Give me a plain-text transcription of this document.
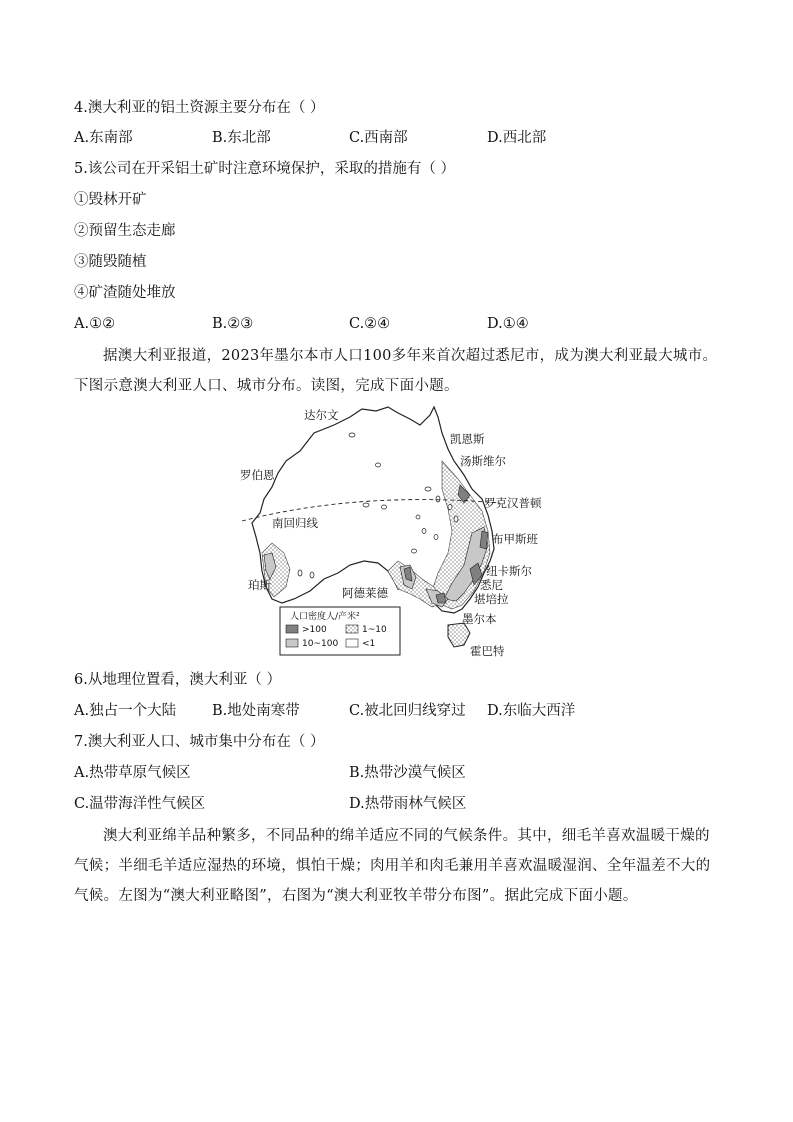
4.澳大利亚的铝土资源主要分布在（ ）
A.东南部	B.东北部	C.西南部	D.西北部
5.该公司在开采铝土矿时注意环境保护，采取的措施有（ ）
①毁林开矿
②预留生态走廊
③随毁随植
④矿渣随处堆放
A.①②	B.②③	C.②④	D.①④
据澳大利亚报道，2023年墨尔本市人口100多年来首次超过悉尼市，成为澳大利亚最大城市。下图示意澳大利亚人口、城市分布。读图，完成下面小题。
达尔文
凯恩斯
汤斯维尔
罗伯恩
罗克汉普顿
南回归线
布甲斯班
纽卡斯尔
悉尼
堪培拉
墨尔本
霍巴特
珀斯
阿德莱德
人口密度人/产米²
>100	1~10
10~100	<1
6.从地理位置看，澳大利亚（ ）
A.独占一个大陆 B.地处南寒带	C.被北回归线穿过 D.东临大西洋
7.澳大利亚人口、城市集中分布在（ ）
A.热带草原气候区	B.热带沙漠气候区
C.温带海洋性气候区	D.热带雨林气候区
澳大利亚绵羊品种繁多，不同品种的绵羊适应不同的气候条件。其中，细毛羊喜欢温暖干燥的气候；半细毛羊适应湿热的环境，惧怕干燥；肉用羊和肉毛兼用羊喜欢温暖湿润、全年温差不大的气候。左图为“澳大利亚略图”，右图为“澳大利亚牧羊带分布图”。据此完成下面小题。
